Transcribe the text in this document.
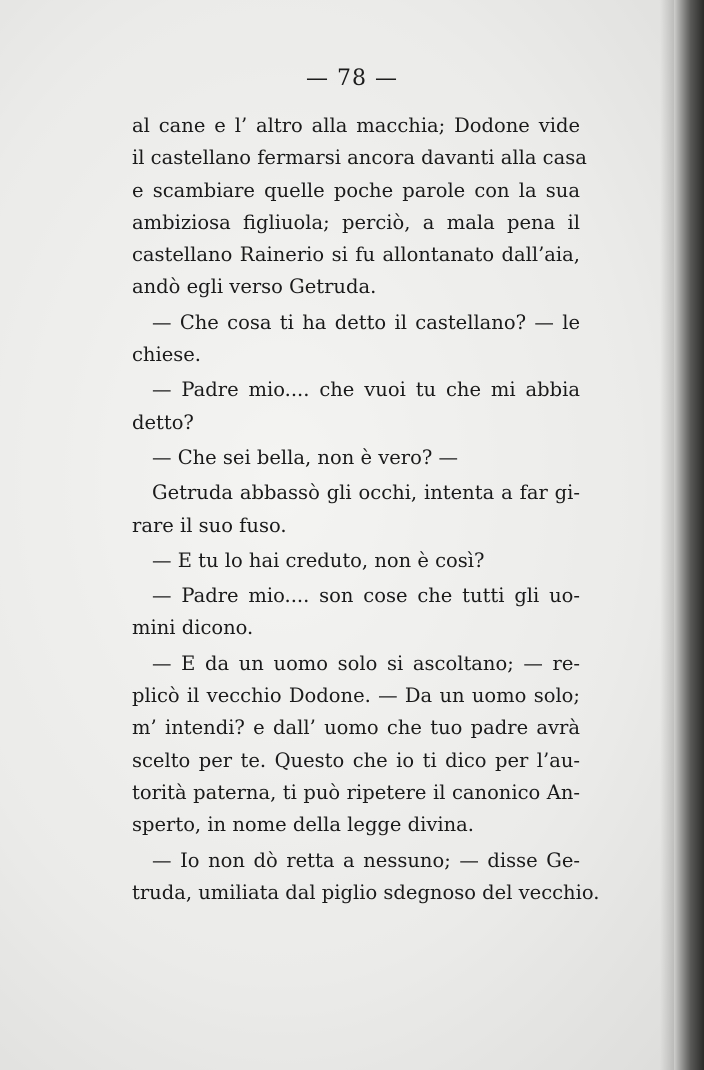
— 78 —
al cane e l’ altro alla macchia; Dodone vide
il castellano fermarsi ancora davanti alla casa
e scambiare quelle poche parole con la sua
ambiziosa figliuola; perciò, a mala pena il
castellano Rainerio si fu allontanato dall’aia,
andò egli verso Getruda.
— Che cosa ti ha detto il castellano? — le
chiese.
— Padre mio.... che vuoi tu che mi abbia
detto?
— Che sei bella, non è vero? —
Getruda abbassò gli occhi, intenta a far gi-
rare il suo fuso.
— E tu lo hai creduto, non è così?
— Padre mio.... son cose che tutti gli uo-
mini dicono.
— E da un uomo solo si ascoltano; — re-
plicò il vecchio Dodone. — Da un uomo solo;
m’ intendi? e dall’ uomo che tuo padre avrà
scelto per te. Questo che io ti dico per l’au-
torità paterna, ti può ripetere il canonico An-
sperto, in nome della legge divina.
— Io non dò retta a nessuno; — disse Ge-
truda, umiliata dal piglio sdegnoso del vecchio.
